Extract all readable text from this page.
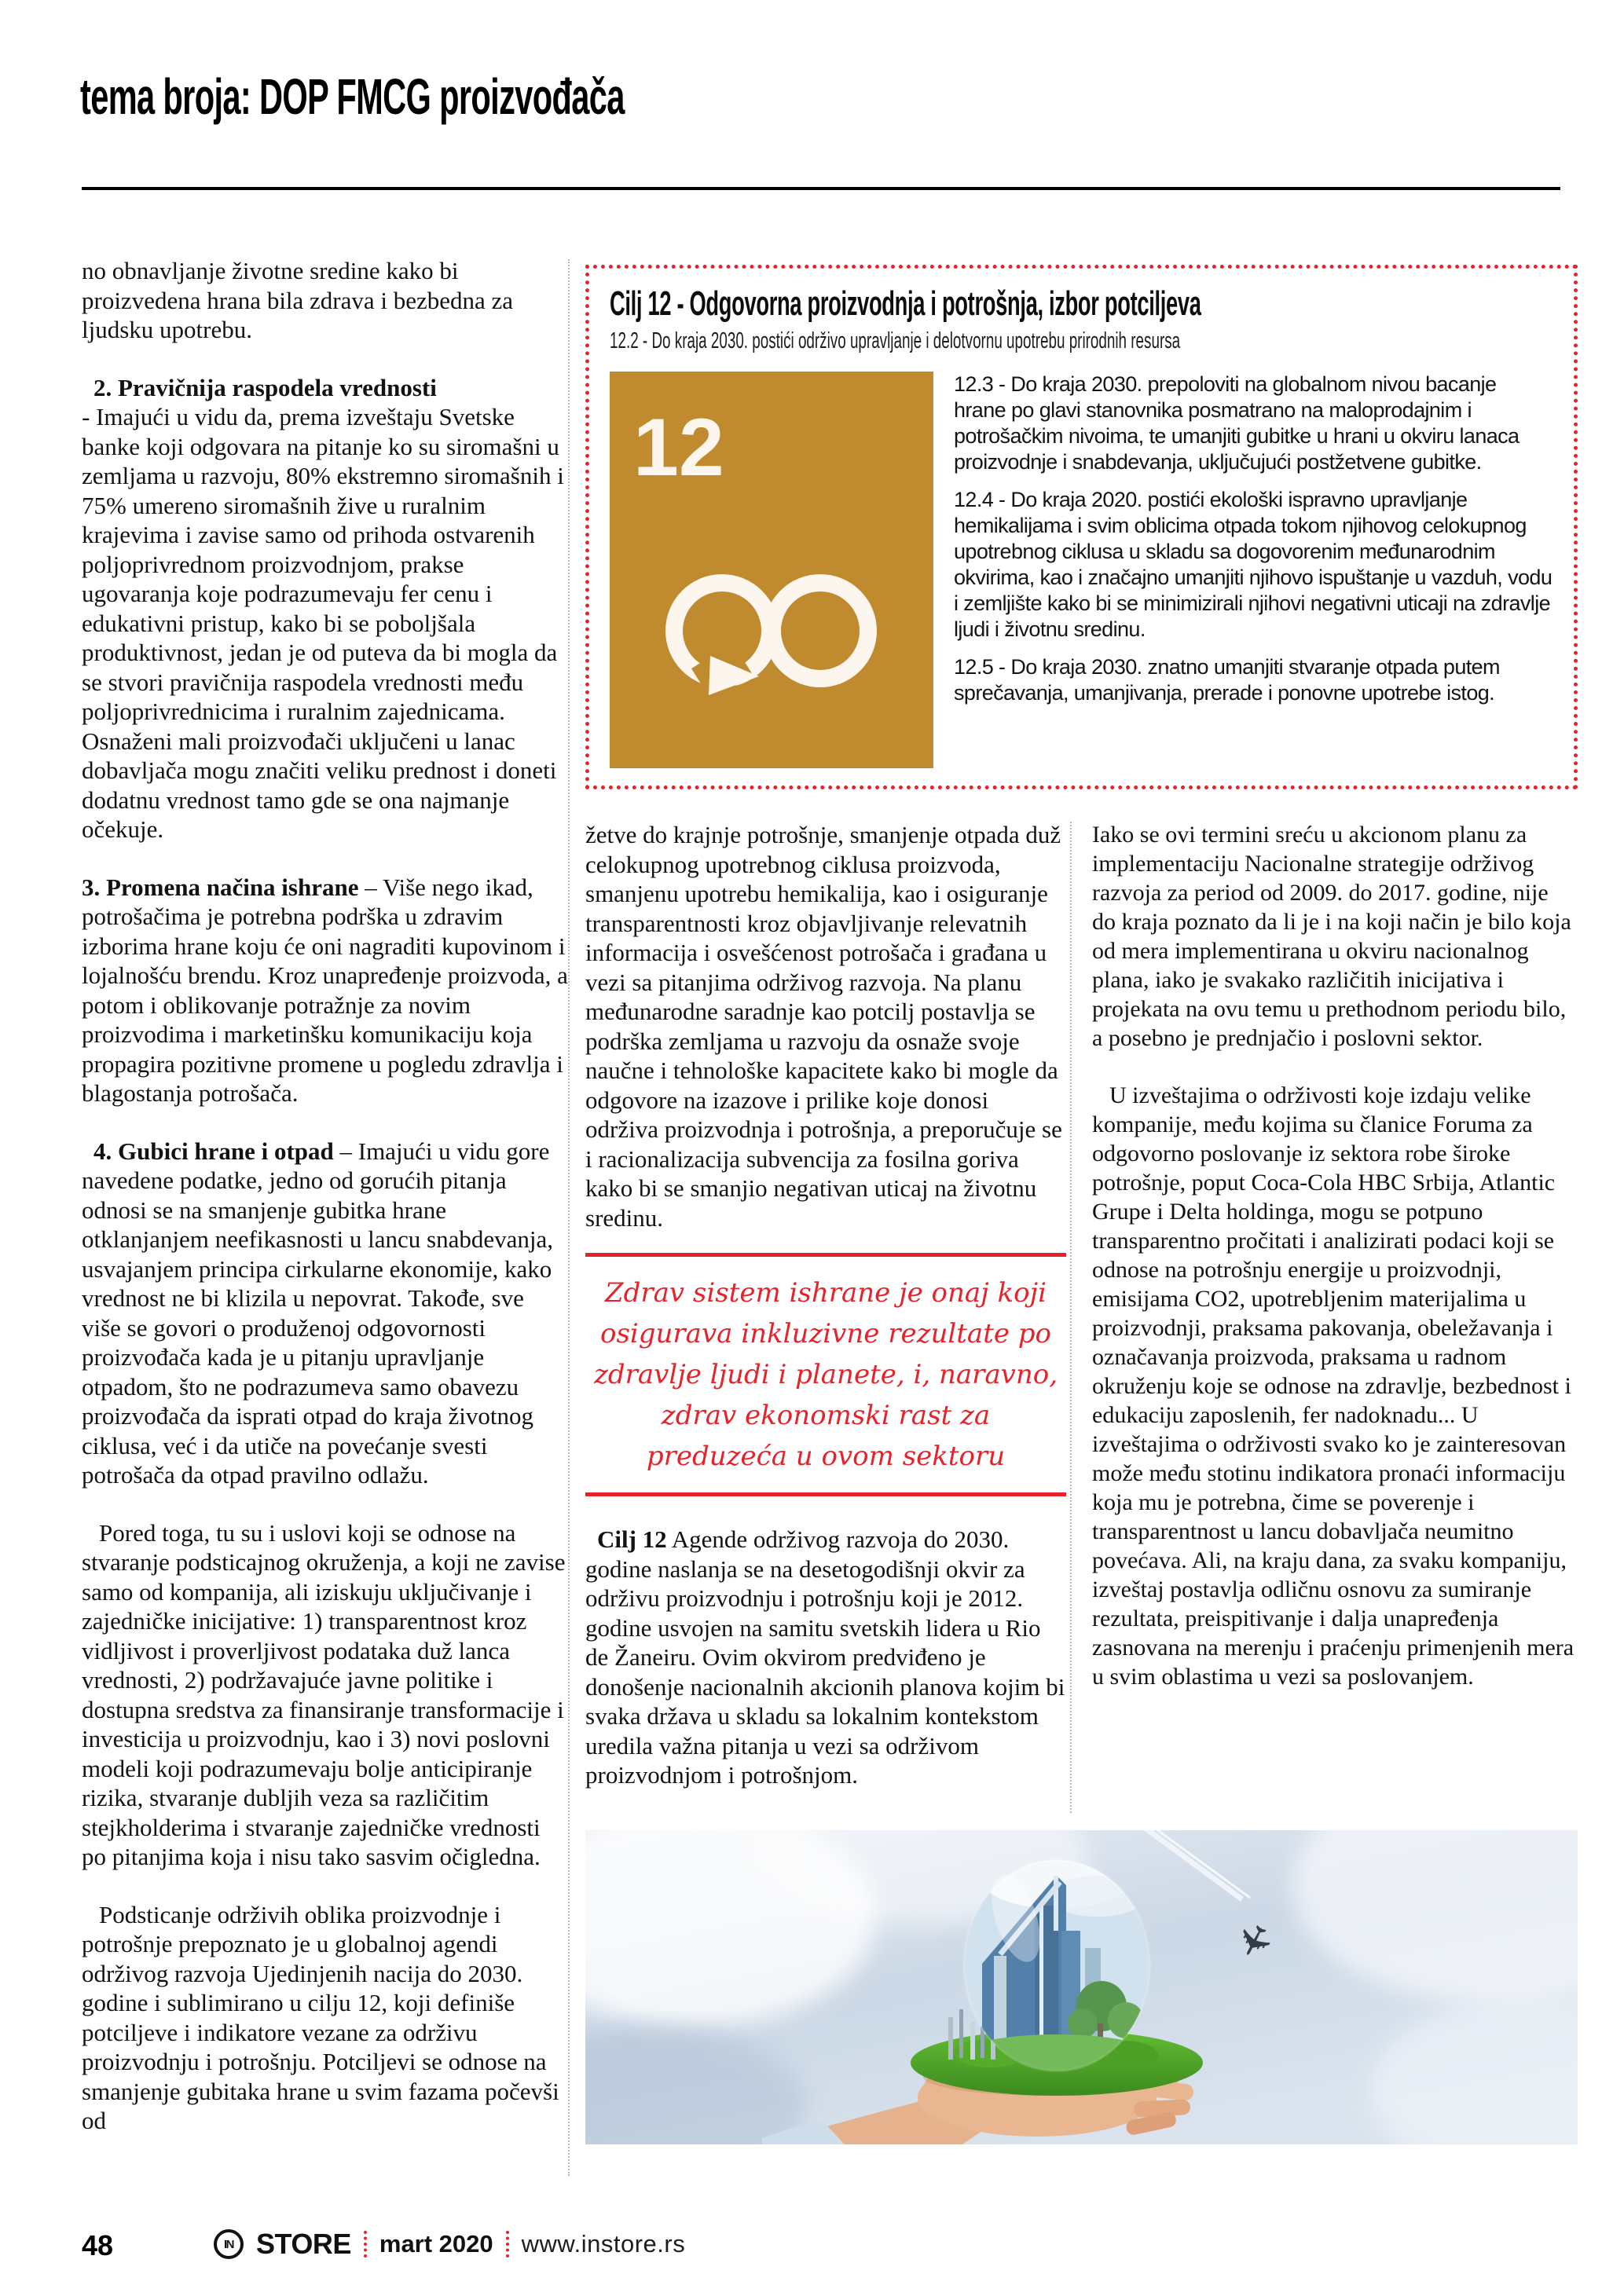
tema broja: DOP FMCG proizvođača
Cilj 12 - Odgovorna proizvodnja i potrošnja, izbor potciljeva
12.2 - Do kraja 2030. postići održivo upravljanje i delotvornu upotrebu prirodnih resursa
12

12.3 - Do kraja 2030. prepoloviti na globalnom nivou bacanje hrane po glavi stanovnika posmatrano na maloprodajnim i potrošačkim nivoima, te umanjiti gubitke u hrani u okviru lanaca proizvodnje i snabdevanja, uključujući postžetvene gubitke.

12.4 - Do kraja 2020. postići ekološki ispravno upravljanje hemikalijama i svim oblicima otpada tokom njihovog celokupnog upotrebnog ciklusa u skladu sa dogovorenim međunarodnim okvirima, kao i značajno umanjiti njihovo ispuštanje u vazduh, vodu i zemljište kako bi se minimizirali njihovi negativni uticaji na zdravlje ljudi i životnu sredinu.

12.5 - Do kraja 2030. znatno umanjiti stvaranje otpada putem sprečavanja, umanjivanja, prerade i ponovne upotrebe istog.

no obnavljanje životne sredine kako bi proizvedena hrana bila zdrava i bezbedna za ljudsku upotrebu.

2. Pravičnija raspodela vrednosti

- Imajući u vidu da, prema izveštaju Svetske banke koji odgovara na pitanje ko su siromašni u zemljama u razvoju, 80% ekstremno siromašnih i 75% umereno siromašnih žive u ruralnim krajevima i zavise samo od prihoda ostvarenih poljoprivrednom proizvodnjom, prakse ugovaranja koje podrazumevaju fer cenu i edukativni pristup, kako bi se poboljšala produktivnost, jedan je od puteva da bi mogla da se stvori pravičnija raspodela vrednosti među poljoprivrednicima i ruralnim zajednicama. Osnaženi mali proizvođači uključeni u lanac dobavljača mogu značiti veliku prednost i doneti dodatnu vrednost tamo gde se ona najmanje očekuje.

3. Promena načina ishrane – Više nego ikad, potrošačima je potrebna podrška u zdravim izborima hrane koju će oni nagraditi kupovinom i lojalnošću brendu. Kroz unapređenje proizvoda, a potom i oblikovanje potražnje za novim proizvodima i marketinšku komunikaciju koja propagira pozitivne promene u pogledu zdravlja i blagostanja potrošača.

4. Gubici hrane i otpad – Imajući u vidu gore navedene podatke, jedno od gorućih pitanja odnosi se na smanjenje gubitka hrane otklanjanjem neefikasnosti u lancu snabdevanja, usvajanjem principa cirkularne ekonomije, kako vrednost ne bi klizila u nepovrat. Takođe, sve više se govori o produženoj odgovornosti proizvođača kada je u pitanju upravljanje otpadom, što ne podrazumeva samo obavezu proizvođača da isprati otpad do kraja životnog ciklusa, već i da utiče na povećanje svesti potrošača da otpad pravilno odlažu.

Pored toga, tu su i uslovi koji se odnose na stvaranje podsticajnog okruženja, a koji ne zavise samo od kompanija, ali iziskuju uključivanje i zajedničke inicijative: 1) transparentnost kroz vidljivost i proverljivost podataka duž lanca vrednosti, 2) podržavajuće javne politike i dostupna sredstva za finansiranje transformacije i investicija u proizvodnju, kao i 3) novi poslovni modeli koji podrazumevaju bolje anticipiranje rizika, stvaranje dubljih veza sa različitim stejkholderima i stvaranje zajedničke vrednosti po pitanjima koja i nisu tako sasvim očigledna.

Podsticanje održivih oblika proizvodnje i potrošnje prepoznato je u globalnoj agendi održivog razvoja Ujedinjenih nacija do 2030. godine i sublimirano u cilju 12, koji definiše potciljeve i indikatore vezane za održivu proizvodnju i potrošnju. Potciljevi se odnose na smanjenje gubitaka hrane u svim fazama počevši od

žetve do krajnje potrošnje, smanjenje otpada duž celokupnog upotrebnog ciklusa proizvoda, smanjenu upotrebu hemikalija, kao i osiguranje transparentnosti kroz objavljivanje relevatnih informacija i osvešćenost potrošača i građana u vezi sa pitanjima održivog razvoja. Na planu međunarodne saradnje kao potcilj postavlja se podrška zemljama u razvoju da osnaže svoje naučne i tehnološke kapacitete kako bi mogle da odgovore na izazove i prilike koje donosi održiva proizvodnja i potrošnja, a preporučuje se i racionalizacija subvencija za fosilna goriva kako bi se smanjio negativan uticaj na životnu sredinu.

Zdrav sistem ishrane je onaj koji osigurava inkluzivne rezultate po zdravlje ljudi i planete, i, naravno, zdrav ekonomski rast za preduzeća u ovom sektoru

Cilj 12 Agende održivog razvoja do 2030. godine naslanja se na desetogodišnji okvir za održivu proizvodnju i potrošnju koji je 2012. godine usvojen na samitu svetskih lidera u Rio de Žaneiru. Ovim okvirom predviđeno je donošenje nacionalnih akcionih planova kojim bi svaka država u skladu sa lokalnim kontekstom uredila važna pitanja u vezi sa održivom proizvodnjom i potrošnjom.

Iako se ovi termini sreću u akcionom planu za implementaciju Nacionalne strategije održivog razvoja za period od 2009. do 2017. godine, nije do kraja poznato da li je i na koji način je bilo koja od mera implementirana u okviru nacionalnog plana, iako je svakako različitih inicijativa i projekata na ovu temu u prethodnom periodu bilo, a posebno je prednjačio i poslovni sektor.

U izveštajima o održivosti koje izdaju velike kompanije, među kojima su članice Foruma za odgovorno poslovanje iz sektora robe široke potrošnje, poput Coca-Cola HBC Srbija, Atlantic Grupe i Delta holdinga, mogu se potpuno transparentno pročitati i analizirati podaci koji se odnose na potrošnju energije u proizvodnji, emisijama CO2, upotrebljenim materijalima u proizvodnji, praksama pakovanja, obeležavanja i označavanja proizvoda, praksama u radnom okruženju koje se odnose na zdravlje, bezbednost i edukaciju zaposlenih, fer nadoknadu... U izveštajima o održivosti svako ko je zainteresovan može među stotinu indikatora pronaći informaciju koja mu je potrebna, čime se poverenje i transparentnost u lancu dobavljača neumitno povećava. Ali, na kraju dana, za svaku kompaniju, izveštaj postavlja odličnu osnovu za sumiranje rezultata, preispitivanje i dalja unapređenja zasnovana na merenju i praćenju primenjenih mera u svim oblastima u vezi sa poslovanjem.

✈
48	IN STORE mart 2020 www.instore.rs
